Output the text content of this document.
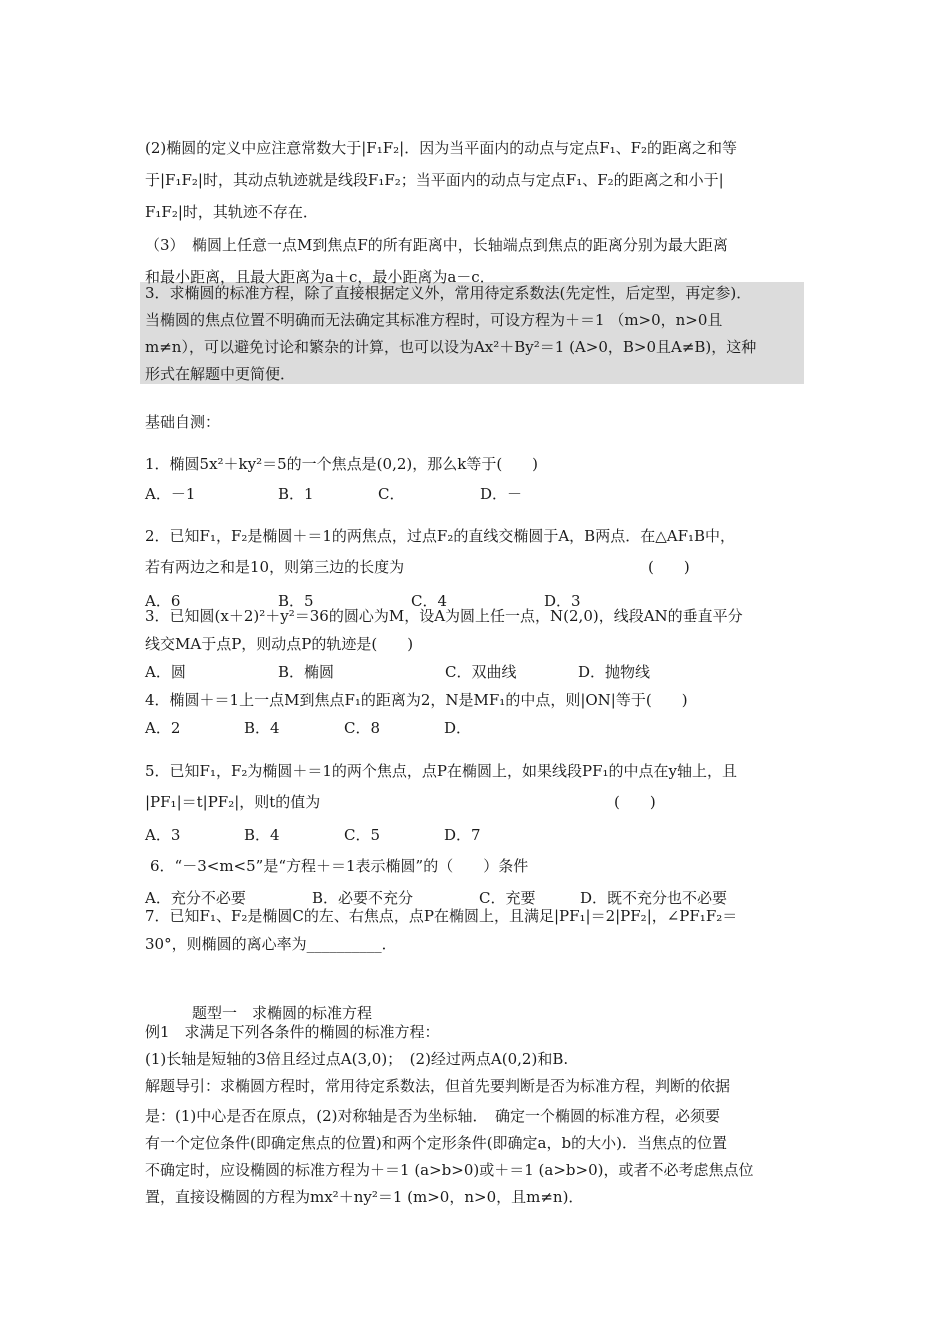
(2)椭圆的定义中应注意常数大于|F₁F₂|．因为当平面内的动点与定点F₁、F₂的距离之和等
于|F₁F₂|时，其动点轨迹就是线段F₁F₂；当平面内的动点与定点F₁、F₂的距离之和小于|
F₁F₂|时，其轨迹不存在．
（3）　椭圆上任意一点M到焦点F的所有距离中，长轴端点到焦点的距离分别为最大距离
和最小距离，且最大距离为a＋c，最小距离为a－c．
3．求椭圆的标准方程，除了直接根据定义外，常用待定系数法(先定性，后定型，再定参)．
当椭圆的焦点位置不明确而无法确定其标准方程时，可设方程为＋＝1 （m>0，n>0且
m≠n），可以避免讨论和繁杂的计算，也可以设为Ax²＋By²＝1 (A>0，B>0且A≠B)，这种
形式在解题中更简便．
基础自测：
1．椭圆5x²＋ky²＝5的一个焦点是(0,2)，那么k等于(　　)
A．－1	B．1	C．	D．－
2．已知F₁，F₂是椭圆＋＝1的两焦点，过点F₂的直线交椭圆于A，B两点．在△AF₁B中，
若有两边之和是10，则第三边的长度为	(　　)
A．6	B．5	C．4	D．3
3．已知圆(x＋2)²＋y²＝36的圆心为M，设A为圆上任一点，N(2,0)，线段AN的垂直平分
线交MA于点P，则动点P的轨迹是(　　)
A．圆	B．椭圆	C．双曲线	D．抛物线
4．椭圆＋＝1上一点M到焦点F₁的距离为2，N是MF₁的中点，则|ON|等于(　　)
A．2	B．4	C．8	D．
5．已知F₁，F₂为椭圆＋＝1的两个焦点，点P在椭圆上，如果线段PF₁的中点在y轴上，且
|PF₁|＝t|PF₂|，则t的值为	(　　)
A．3	B．4	C．5	D．7
6．“－3<m<5”是“方程＋＝1表示椭圆”的（　　）条件
A．充分不必要	B．必要不充分	C．充要	D．既不充分也不必要
7．已知F₁、F₂是椭圆C的左、右焦点，点P在椭圆上，且满足|PF₁|＝2|PF₂|，∠PF₁F₂＝
30°，则椭圆的离心率为__________．
题型一　求椭圆的标准方程
例1　求满足下列各条件的椭圆的标准方程：
(1)长轴是短轴的3倍且经过点A(3,0)；　(2)经过两点A(0,2)和B.
解题导引：求椭圆方程时，常用待定系数法，但首先要判断是否为标准方程，判断的依据
是：(1)中心是否在原点，(2)对称轴是否为坐标轴．　确定一个椭圆的标准方程，必须要
有一个定位条件(即确定焦点的位置)和两个定形条件(即确定a，b的大小)．当焦点的位置
不确定时，应设椭圆的标准方程为＋＝1 (a>b>0)或＋＝1 (a>b>0)，或者不必考虑焦点位
置，直接设椭圆的方程为mx²＋ny²＝1 (m>0，n>0，且m≠n)．
